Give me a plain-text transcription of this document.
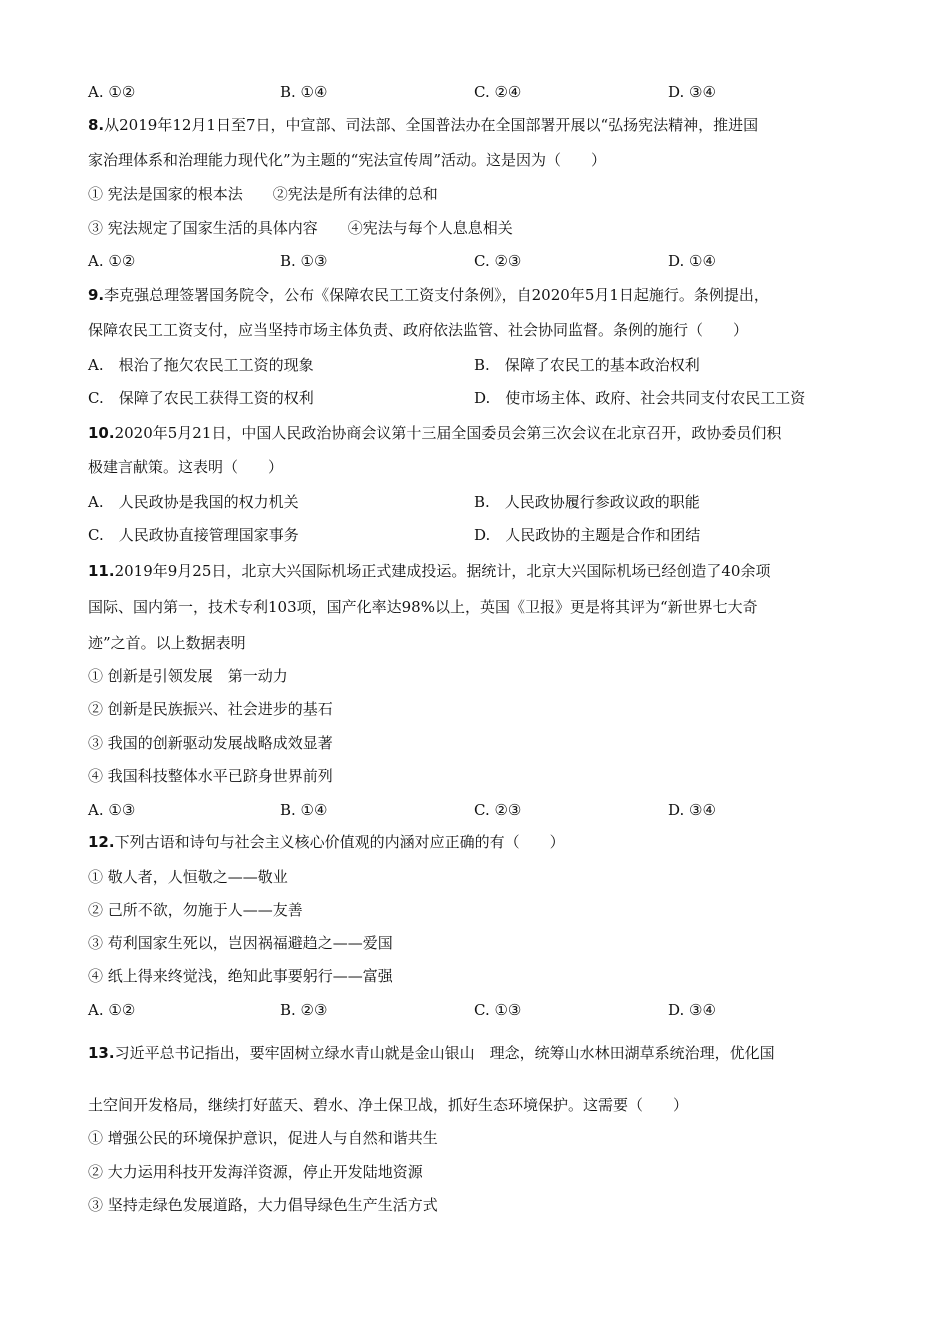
A. ①②	B. ①④	C. ②④	D. ③④
8.从2019年12月1日至7日，中宣部、司法部、全国普法办在全国部署开展以“弘扬宪法精神，推进国
家治理体系和治理能力现代化”为主题的“宪法宣传周”活动。这是因为（　　）
① 宪法是国家的根本法　　②宪法是所有法律的总和
③ 宪法规定了国家生活的具体内容　　④宪法与每个人息息相关
A. ①②	B. ①③	C. ②③	D. ①④
9.李克强总理签署国务院令，公布《保障农民工工资支付条例》，自2020年5月1日起施行。条例提出，
保障农民工工资支付，应当坚持市场主体负责、政府依法监管、社会协同监督。条例的施行（　　）
A.　根治了拖欠农民工工资的现象	B.　保障了农民工的基本政治权利
C.　保障了农民工获得工资的权利	D.　使市场主体、政府、社会共同支付农民工工资
10.2020年5月21日，中国人民政治协商会议第十三届全国委员会第三次会议在北京召开，政协委员们积
极建言献策。这表明（　　）
A.　人民政协是我国的权力机关	B.　人民政协履行参政议政的职能
C.　人民政协直接管理国家事务	D.　人民政协的主题是合作和团结
11.2019年9月25日，北京大兴国际机场正式建成投运。据统计，北京大兴国际机场已经创造了40余项
国际、国内第一，技术专利103项，国产化率达98%以上，英国《卫报》更是将其评为“新世界七大奇
迹”之首。以上数据表明
① 创新是引领发展　第一动力
② 创新是民族振兴、社会进步的基石
③ 我国的创新驱动发展战略成效显著
④ 我国科技整体水平已跻身世界前列
A. ①③	B. ①④	C. ②③	D. ③④
12.下列古语和诗句与社会主义核心价值观的内涵对应正确的有（　　）
① 敬人者，人恒敬之——敬业
② 己所不欲，勿施于人——友善
③ 苟利国家生死以，岂因祸福避趋之——爱国
④ 纸上得来终觉浅，绝知此事要躬行——富强
A. ①②	B. ②③	C. ①③	D. ③④
13.习近平总书记指出，要牢固树立绿水青山就是金山银山　理念，统筹山水林田湖草系统治理，优化国
土空间开发格局，继续打好蓝天、碧水、净土保卫战，抓好生态环境保护。这需要（　　）
① 增强公民的环境保护意识，促进人与自然和谐共生
② 大力运用科技开发海洋资源，停止开发陆地资源
③ 坚持走绿色发展道路，大力倡导绿色生产生活方式
